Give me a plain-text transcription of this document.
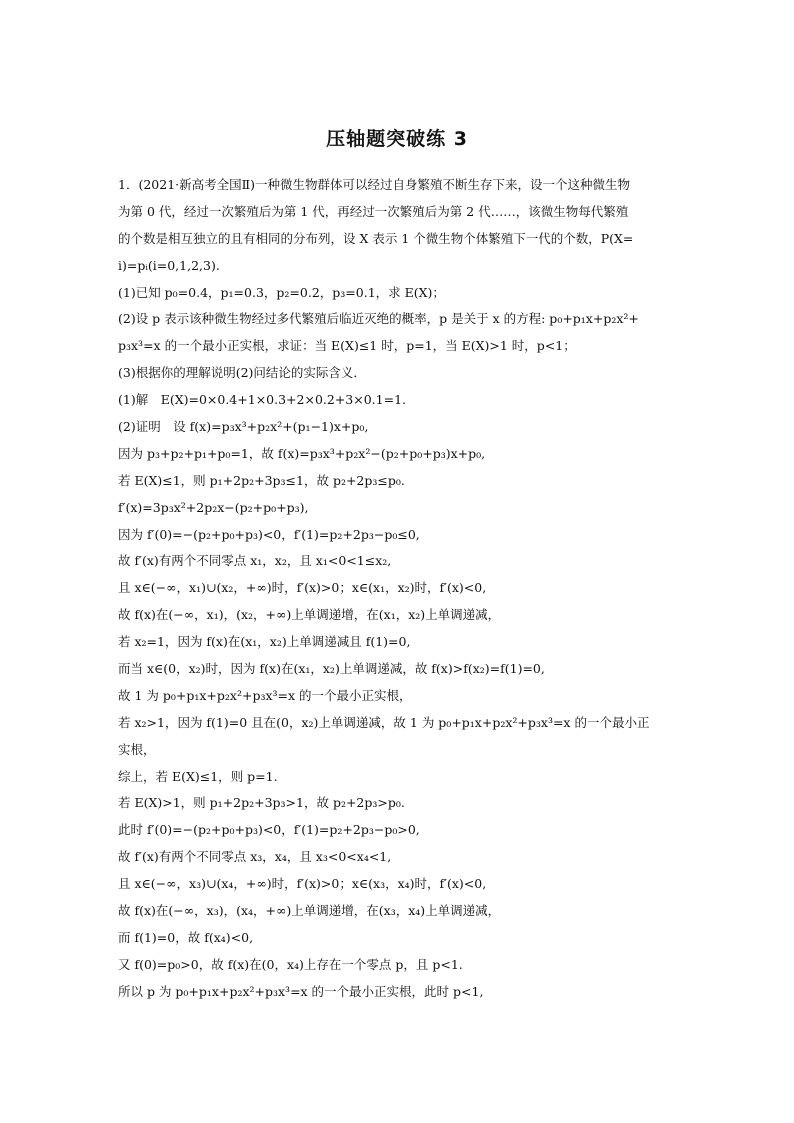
压轴题突破练 3
1．(2021·新高考全国Ⅱ)一种微生物群体可以经过自身繁殖不断生存下来，设一个这种微生物
为第 0 代，经过一次繁殖后为第 1 代，再经过一次繁殖后为第 2 代……，该微生物每代繁殖
的个数是相互独立的且有相同的分布列，设 X 表示 1 个微生物个体繁殖下一代的个数，P(X=
i)=pᵢ(i=0,1,2,3).
(1)已知 p₀=0.4，p₁=0.3，p₂=0.2，p₃=0.1，求 E(X)；
(2)设 p 表示该种微生物经过多代繁殖后临近灭绝的概率，p 是关于 x 的方程: p₀+p₁x+p₂x²+
p₃x³=x 的一个最小正实根，求证：当 E(X)≤1 时，p=1，当 E(X)>1 时，p<1；
(3)根据你的理解说明(2)问结论的实际含义．
(1)解　E(X)=0×0.4+1×0.3+2×0.2+3×0.1=1.
(2)证明　设 f(x)=p₃x³+p₂x²+(p₁−1)x+p₀,
因为 p₃+p₂+p₁+p₀=1，故 f(x)=p₃x³+p₂x²−(p₂+p₀+p₃)x+p₀,
若 E(X)≤1，则 p₁+2p₂+3p₃≤1，故 p₂+2p₃≤p₀.
f′(x)=3p₃x²+2p₂x−(p₂+p₀+p₃),
因为 f′(0)=−(p₂+p₀+p₃)<0，f′(1)=p₂+2p₃−p₀≤0,
故 f′(x)有两个不同零点 x₁，x₂，且 x₁<0<1≤x₂,
且 x∈(−∞，x₁)∪(x₂，+∞)时，f′(x)>0；x∈(x₁，x₂)时，f′(x)<0,
故 f(x)在(−∞，x₁)，(x₂，+∞)上单调递增，在(x₁，x₂)上单调递减，
若 x₂=1，因为 f(x)在(x₁，x₂)上单调递减且 f(1)=0,
而当 x∈(0，x₂)时，因为 f(x)在(x₁，x₂)上单调递减，故 f(x)>f(x₂)=f(1)=0,
故 1 为 p₀+p₁x+p₂x²+p₃x³=x 的一个最小正实根，
若 x₂>1，因为 f(1)=0 且在(0，x₂)上单调递减，故 1 为 p₀+p₁x+p₂x²+p₃x³=x 的一个最小正
实根，
综上，若 E(X)≤1，则 p=1.
若 E(X)>1，则 p₁+2p₂+3p₃>1，故 p₂+2p₃>p₀.
此时 f′(0)=−(p₂+p₀+p₃)<0，f′(1)=p₂+2p₃−p₀>0,
故 f′(x)有两个不同零点 x₃，x₄，且 x₃<0<x₄<1,
且 x∈(−∞，x₃)∪(x₄，+∞)时，f′(x)>0；x∈(x₃，x₄)时，f′(x)<0,
故 f(x)在(−∞，x₃)，(x₄，+∞)上单调递增，在(x₃，x₄)上单调递减，
而 f(1)=0，故 f(x₄)<0,
又 f(0)=p₀>0，故 f(x)在(0，x₄)上存在一个零点 p，且 p<1.
所以 p 为 p₀+p₁x+p₂x²+p₃x³=x 的一个最小正实根，此时 p<1,
